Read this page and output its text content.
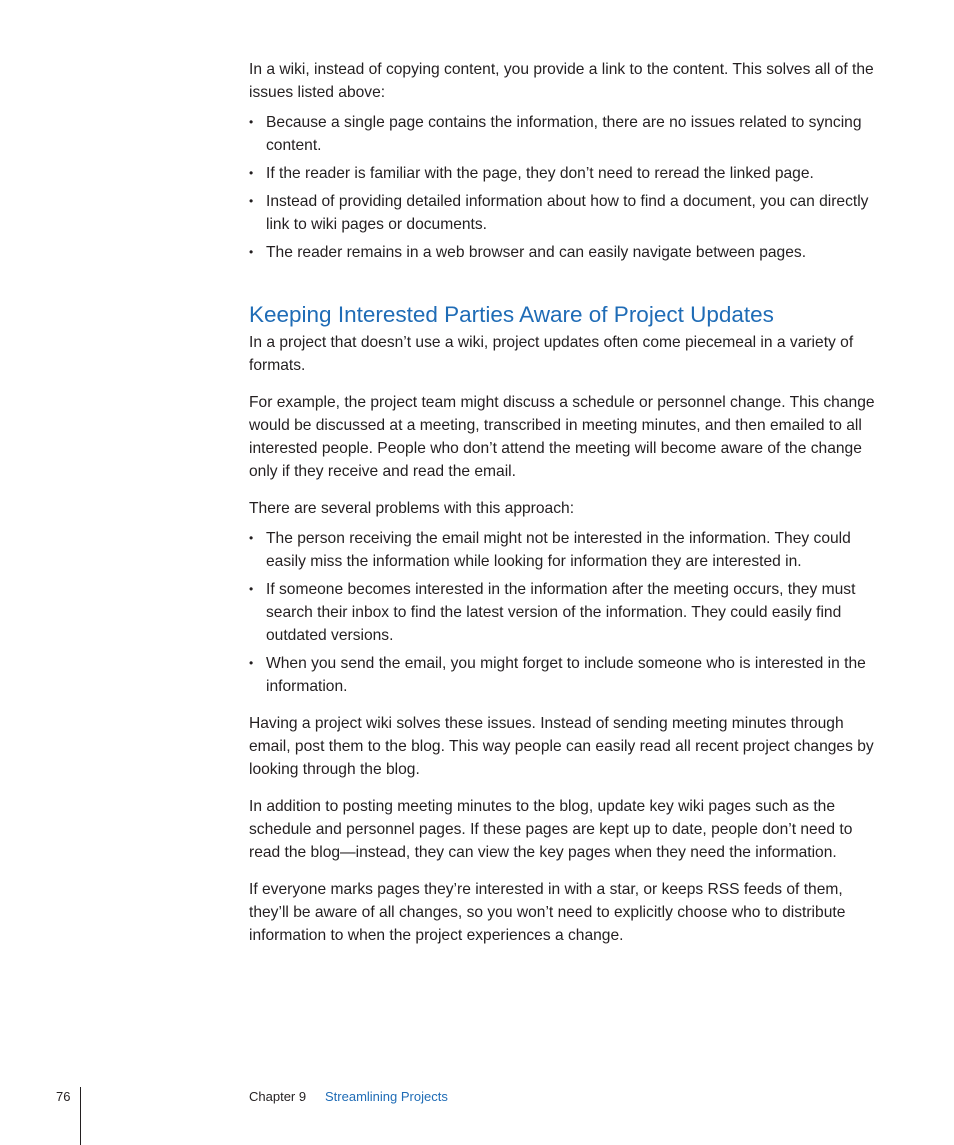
In a wiki, instead of copying content, you provide a link to the content. This solves all of the issues listed above:

• Because a single page contains the information, there are no issues related to syncing content.
• If the reader is familiar with the page, they don’t need to reread the linked page.
• Instead of providing detailed information about how to find a document, you can directly link to wiki pages or documents.
• The reader remains in a web browser and can easily navigate between pages.
Keeping Interested Parties Aware of Project Updates

In a project that doesn’t use a wiki, project updates often come piecemeal in a variety of formats.

For example, the project team might discuss a schedule or personnel change. This change would be discussed at a meeting, transcribed in meeting minutes, and then emailed to all interested people. People who don’t attend the meeting will become aware of the change only if they receive and read the email.

There are several problems with this approach:

• The person receiving the email might not be interested in the information. They could easily miss the information while looking for information they are interested in.
• If someone becomes interested in the information after the meeting occurs, they must search their inbox to find the latest version of the information. They could easily find outdated versions.
• When you send the email, you might forget to include someone who is interested in the information.

Having a project wiki solves these issues. Instead of sending meeting minutes through email, post them to the blog. This way people can easily read all recent project changes by looking through the blog.

In addition to posting meeting minutes to the blog, update key wiki pages such as the schedule and personnel pages. If these pages are kept up to date, people don’t need to read the blog—instead, they can view the key pages when they need the information.

If everyone marks pages they’re interested in with a star, or keeps RSS feeds of them, they’ll be aware of all changes, so you won’t need to explicitly choose who to distribute information to when the project experiences a change.

76	Chapter 9 Streamlining Projects
